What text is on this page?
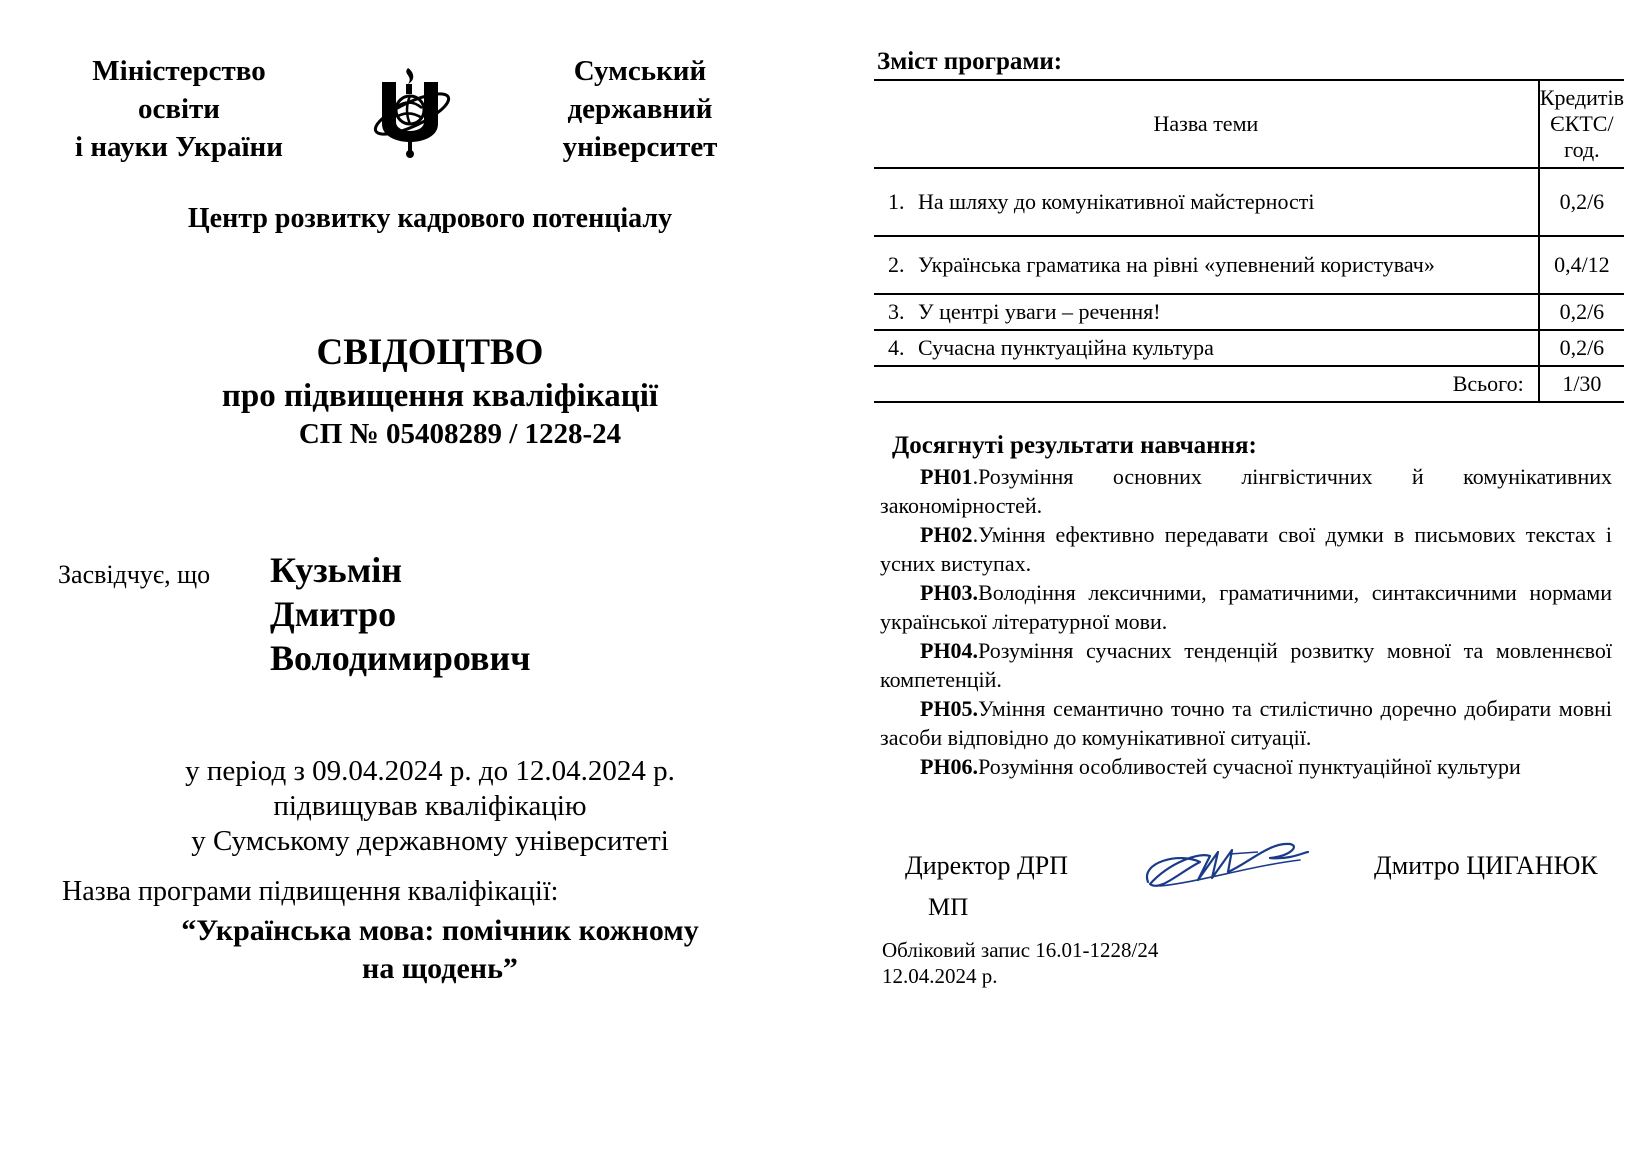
Міністерство
освіти
і науки України
Сумський
державний
університет
Центр розвитку кадрового потенціалу
СВІДОЦТВО
про підвищення кваліфікації
СП № 05408289 / 1228-24
Засвідчує, що Кузьмін
Дмитро
Володимирович
у період з 09.04.2024 р. до 12.04.2024 р.
підвищував кваліфікацію
у Сумському державному університеті
Назва програми підвищення кваліфікації:
“Українська мова: помічник кожному
на щодень”
Зміст програми:
Назва теми	Кредитів
ЄКТС/
год.

1. На шляху до комунікативної майстерності	0,2/6

2. Українська граматика на рівні «упевнений користувач»	0,4/12

3. У центрі уваги – речення!	0,2/6

4. Сучасна пунктуаційна культура	0,2/6
Всього:	1/30
Досягнуті результати навчання:

РН01.Розуміння основних лінгвістичних й комунікативних закономірностей.

РН02.Уміння ефективно передавати свої думки в письмових текстах і усних виступах.

РН03.Володіння лексичними, граматичними, синтаксичними нормами української літературної мови.

РН04.Розуміння сучасних тенденцій розвитку мовної та мовленнєвої компетенцій.

РН05.Уміння семантично точно та стилістично доречно добирати мовні засоби відповідно до комунікативної ситуації.

РН06.Розуміння особливостей сучасної пунктуаційної культури

Директор ДРП
МП
Дмитро ЦИГАНЮК
Обліковий запис 16.01-1228/24
12.04.2024 р.
